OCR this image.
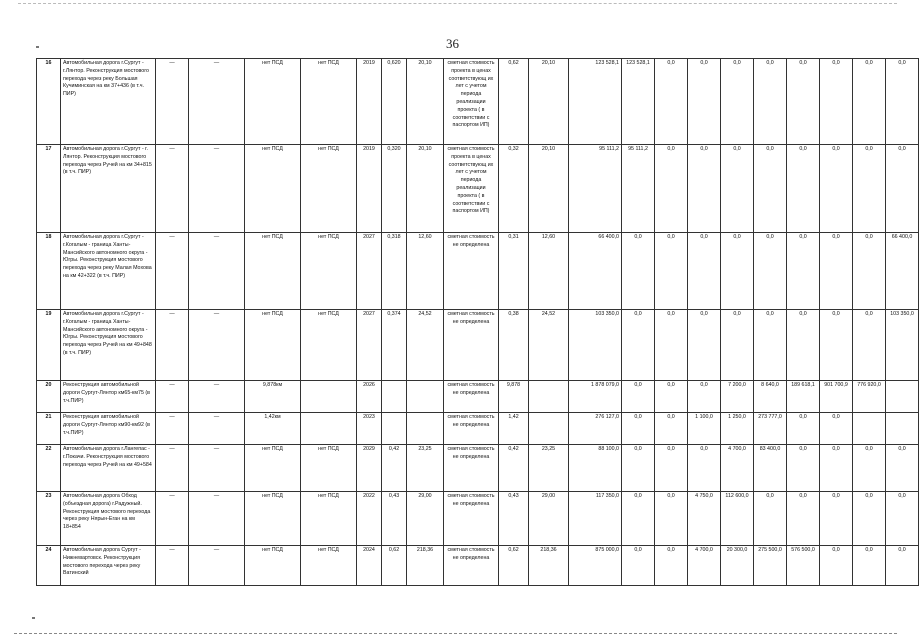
36
16	Автомобильная дорога г.Сургут - г.Лянтор. Реконструкция мостового перехода через реку Большая Кучиминская на км 37+436 (в т.ч. ПИР)	—	—	нет ПСД	нет ПСД	2019	0,620	20,10	сметная стоимость проекта в ценах соответствующ их лет с учетом периода реализации проекта ( в соответствии с паспортом ИП)	0,62	20,10	123 528,1	123 528,1	0,0	0,0	0,0	0,0	0,0	0,0	0,0	0,0
17	Автомобильная дорога г.Сургут - г. Лянтор. Реконструкция мостового перехода через Ручей на км 34+815 (в т.ч. ПИР)	—	—	нет ПСД	нет ПСД	2019	0,320	20,10	сметная стоимость проекта в ценах соответствующ их лет с учетом периода реализации проекта ( в соответствии с паспортом ИП)	0,32	20,10	95 111,2	95 111,2	0,0	0,0	0,0	0,0	0,0	0,0	0,0	0,0
18	Автомобильная дорога г.Сургут - г.Когалым - граница Ханты-Мансийского автономного округа - Югры. Реконструкция мостового перехода через реку Малая Мохова на км 42+322 (в т.ч. ПИР)	—	—	нет ПСД	нет ПСД	2027	0,318	12,60	сметная стоимость не определена	0,31	12,60	66 400,0	0,0	0,0	0,0	0,0	0,0	0,0	0,0	0,0	66 400,0
19	Автомобильная дорога г.Сургут - г.Когалым - граница Ханты-Мансийского автономного округа - Югры. Реконструкция мостового перехода через Ручей на км 49+848 (в т.ч. ПИР)	—	—	нет ПСД	нет ПСД	2027	0,374	24,52	сметная стоимость не определена	0,38	24,52	103 350,0	0,0	0,0	0,0	0,0	0,0	0,0	0,0	0,0	103 350,0
20	Реконструкция автомобильной дороги Сургут-Лянтор км65-км75 (в т.ч.ПИР)	—	—	9,878км		2026			сметная стоимость не определена	9,878		1 878 079,0	0,0	0,0	0,0	7 200,0	8 640,0	189 618,1	901 700,9	776 920,0	
21	Реконструкция автомобильной дороги Сургут-Лянтор км90-км92 (в т.ч.ПИР)	—	—	1,42км		2023			сметная стоимость не определена	1,42		276 127,0	0,0	0,0	1 100,0	1 250,0	273 777,0	0,0	0,0		
22	Автомобильная дорога г.Лангепас - г.Покачи. Реконструкция мостового перехода через Ручей на км 49+584	—	—	нет ПСД	нет ПСД	2029	0,42	23,25	сметная стоимость не определена	0,42	23,25	88 100,0	0,0	0,0	0,0	4 700,0	83 400,0	0,0	0,0	0,0	0,0
23	Автомобильная дорога Обход (объездная дорога) г.Радужный. Реконструкция мостового перехода через реку Нярын-Еган на км 18+854	—	—	нет ПСД	нет ПСД	2022	0,43	29,00	сметная стоимость не определена	0,43	29,00	117 350,0	0,0	0,0	4 750,0	112 600,0	0,0	0,0	0,0	0,0	0,0
24	Автомобильная дорога Сургут - Нижневартовск. Реконструкция мостового перехода через реку Ватинский	—	—	нет ПСД	нет ПСД	2024	0,62	218,36	сметная стоимость не определена	0,62	218,36	875 000,0	0,0	0,0	4 700,0	20 300,0	275 500,0	576 500,0	0,0	0,0	0,0
